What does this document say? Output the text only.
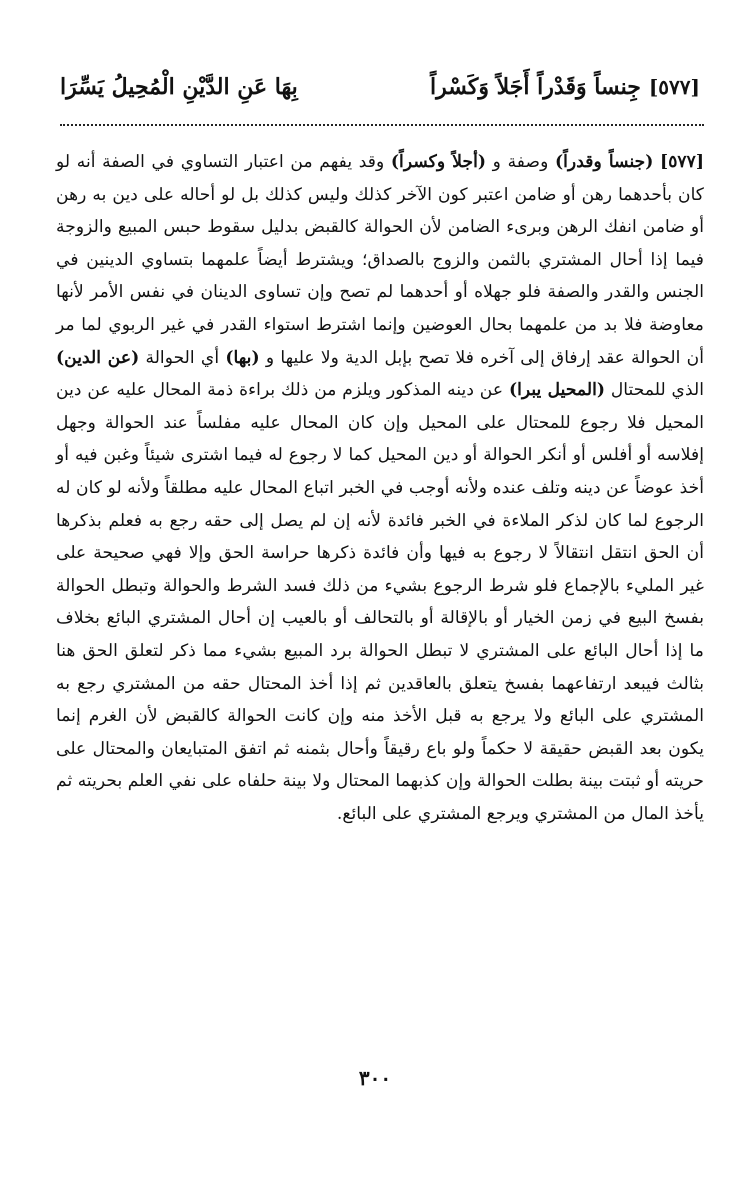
[٥٧٧]
جِنساً وَقَدْراً أَجَلاً وَكَسْراً
بِهَا عَنِ الدَّيْنِ الْمُحِيلُ يَسِّرَا

[٥٧٧] (جنساً وقدراً) وصفة و (أجلاً وكسراً) وقد يفهم من اعتبار التساوي في الصفة أنه لو كان بأحدهما رهن أو ضامن اعتبر كون الآخر كذلك وليس كذلك بل لو أحاله على دين به رهن أو ضامن انفك الرهن وبرىء الضامن لأن الحوالة كالقبض بدليل سقوط حبس المبيع والزوجة فيما إذا أحال المشتري بالثمن والزوج بالصداق؛ ويشترط أيضاً علمهما بتساوي الدينين في الجنس والقدر والصفة فلو جهلاه أو أحدهما لم تصح وإن تساوى الدينان في نفس الأمر لأنها معاوضة فلا بد من علمهما بحال العوضين وإنما اشترط استواء القدر في غير الربوي لما مر أن الحوالة عقد إرفاق إلى آخره فلا تصح بإبل الدية ولا عليها و (بها) أي الحوالة (عن الدين) الذي للمحتال (المحيل يبرا) عن دينه المذكور ويلزم من ذلك براءة ذمة المحال عليه عن دين المحيل فلا رجوع للمحتال على المحيل وإن كان المحال عليه مفلساً عند الحوالة وجهل إفلاسه أو أفلس أو أنكر الحوالة أو دين المحيل كما لا رجوع له فيما اشترى شيئاً وغبن فيه أو أخذ عوضاً عن دينه وتلف عنده ولأنه أوجب في الخبر اتباع المحال عليه مطلقاً ولأنه لو كان له الرجوع لما كان لذكر الملاءة في الخبر فائدة لأنه إن لم يصل إلى حقه رجع به فعلم بذكرها أن الحق انتقل انتقالاً لا رجوع به فيها وأن فائدة ذكرها حراسة الحق وإلا فهي صحيحة على غير المليء بالإجماع فلو شرط الرجوع بشيء من ذلك فسد الشرط والحوالة وتبطل الحوالة بفسخ البيع في زمن الخيار أو بالإقالة أو بالتحالف أو بالعيب إن أحال المشتري البائع بخلاف ما إذا أحال البائع على المشتري لا تبطل الحوالة برد المبيع بشيء مما ذكر لتعلق الحق هنا بثالث فيبعد ارتفاعهما بفسخ يتعلق بالعاقدين ثم إذا أخذ المحتال حقه من المشتري رجع به المشتري على البائع ولا يرجع به قبل الأخذ منه وإن كانت الحوالة كالقبض لأن الغرم إنما يكون بعد القبض حقيقة لا حكماً ولو باع رقيقاً وأحال بثمنه ثم اتفق المتبايعان والمحتال على حريته أو ثبتت بينة بطلت الحوالة وإن كذبهما المحتال ولا بينة حلفاه على نفي العلم بحريته ثم يأخذ المال من المشتري ويرجع المشتري على البائع.

٣٠٠
